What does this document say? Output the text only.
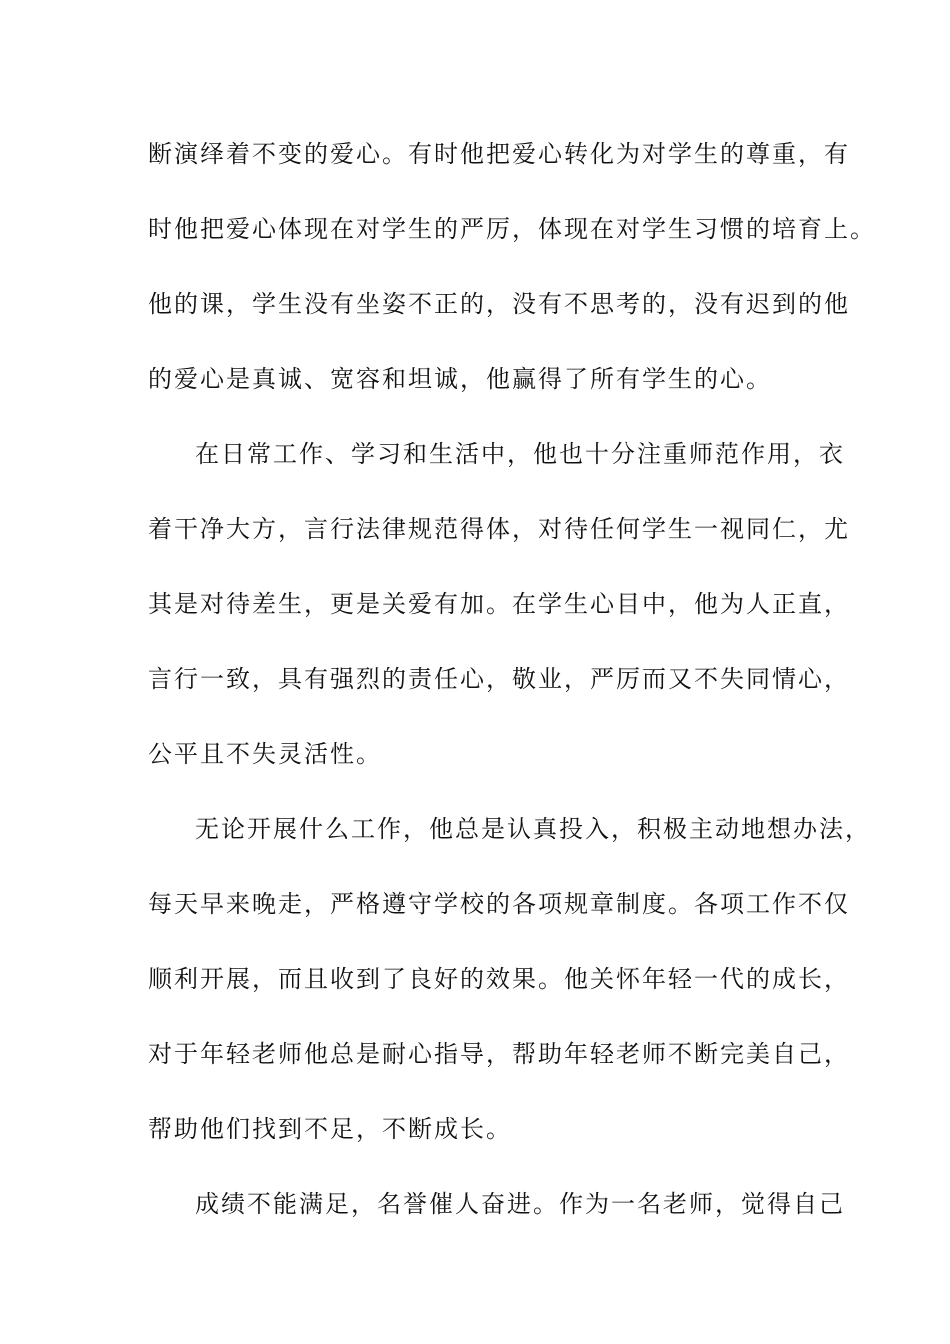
断演绎着不变的爱心。有时他把爱心转化为对学生的尊重，有
时他把爱心体现在对学生的严厉，体现在对学生习惯的培育上。
他的课，学生没有坐姿不正的，没有不思考的，没有迟到的他
的爱心是真诚、宽容和坦诚，他赢得了所有学生的心。
在日常工作、学习和生活中，他也十分注重师范作用，衣
着干净大方，言行法律规范得体，对待任何学生一视同仁，尤
其是对待差生，更是关爱有加。在学生心目中，他为人正直，
言行一致，具有强烈的责任心，敬业，严厉而又不失同情心，
公平且不失灵活性。
无论开展什么工作，他总是认真投入，积极主动地想办法，
每天早来晚走，严格遵守学校的各项规章制度。各项工作不仅
顺利开展，而且收到了良好的效果。他关怀年轻一代的成长，
对于年轻老师他总是耐心指导，帮助年轻老师不断完美自己，
帮助他们找到不足，不断成长。
成绩不能满足，名誉催人奋进。作为一名老师，觉得自己
